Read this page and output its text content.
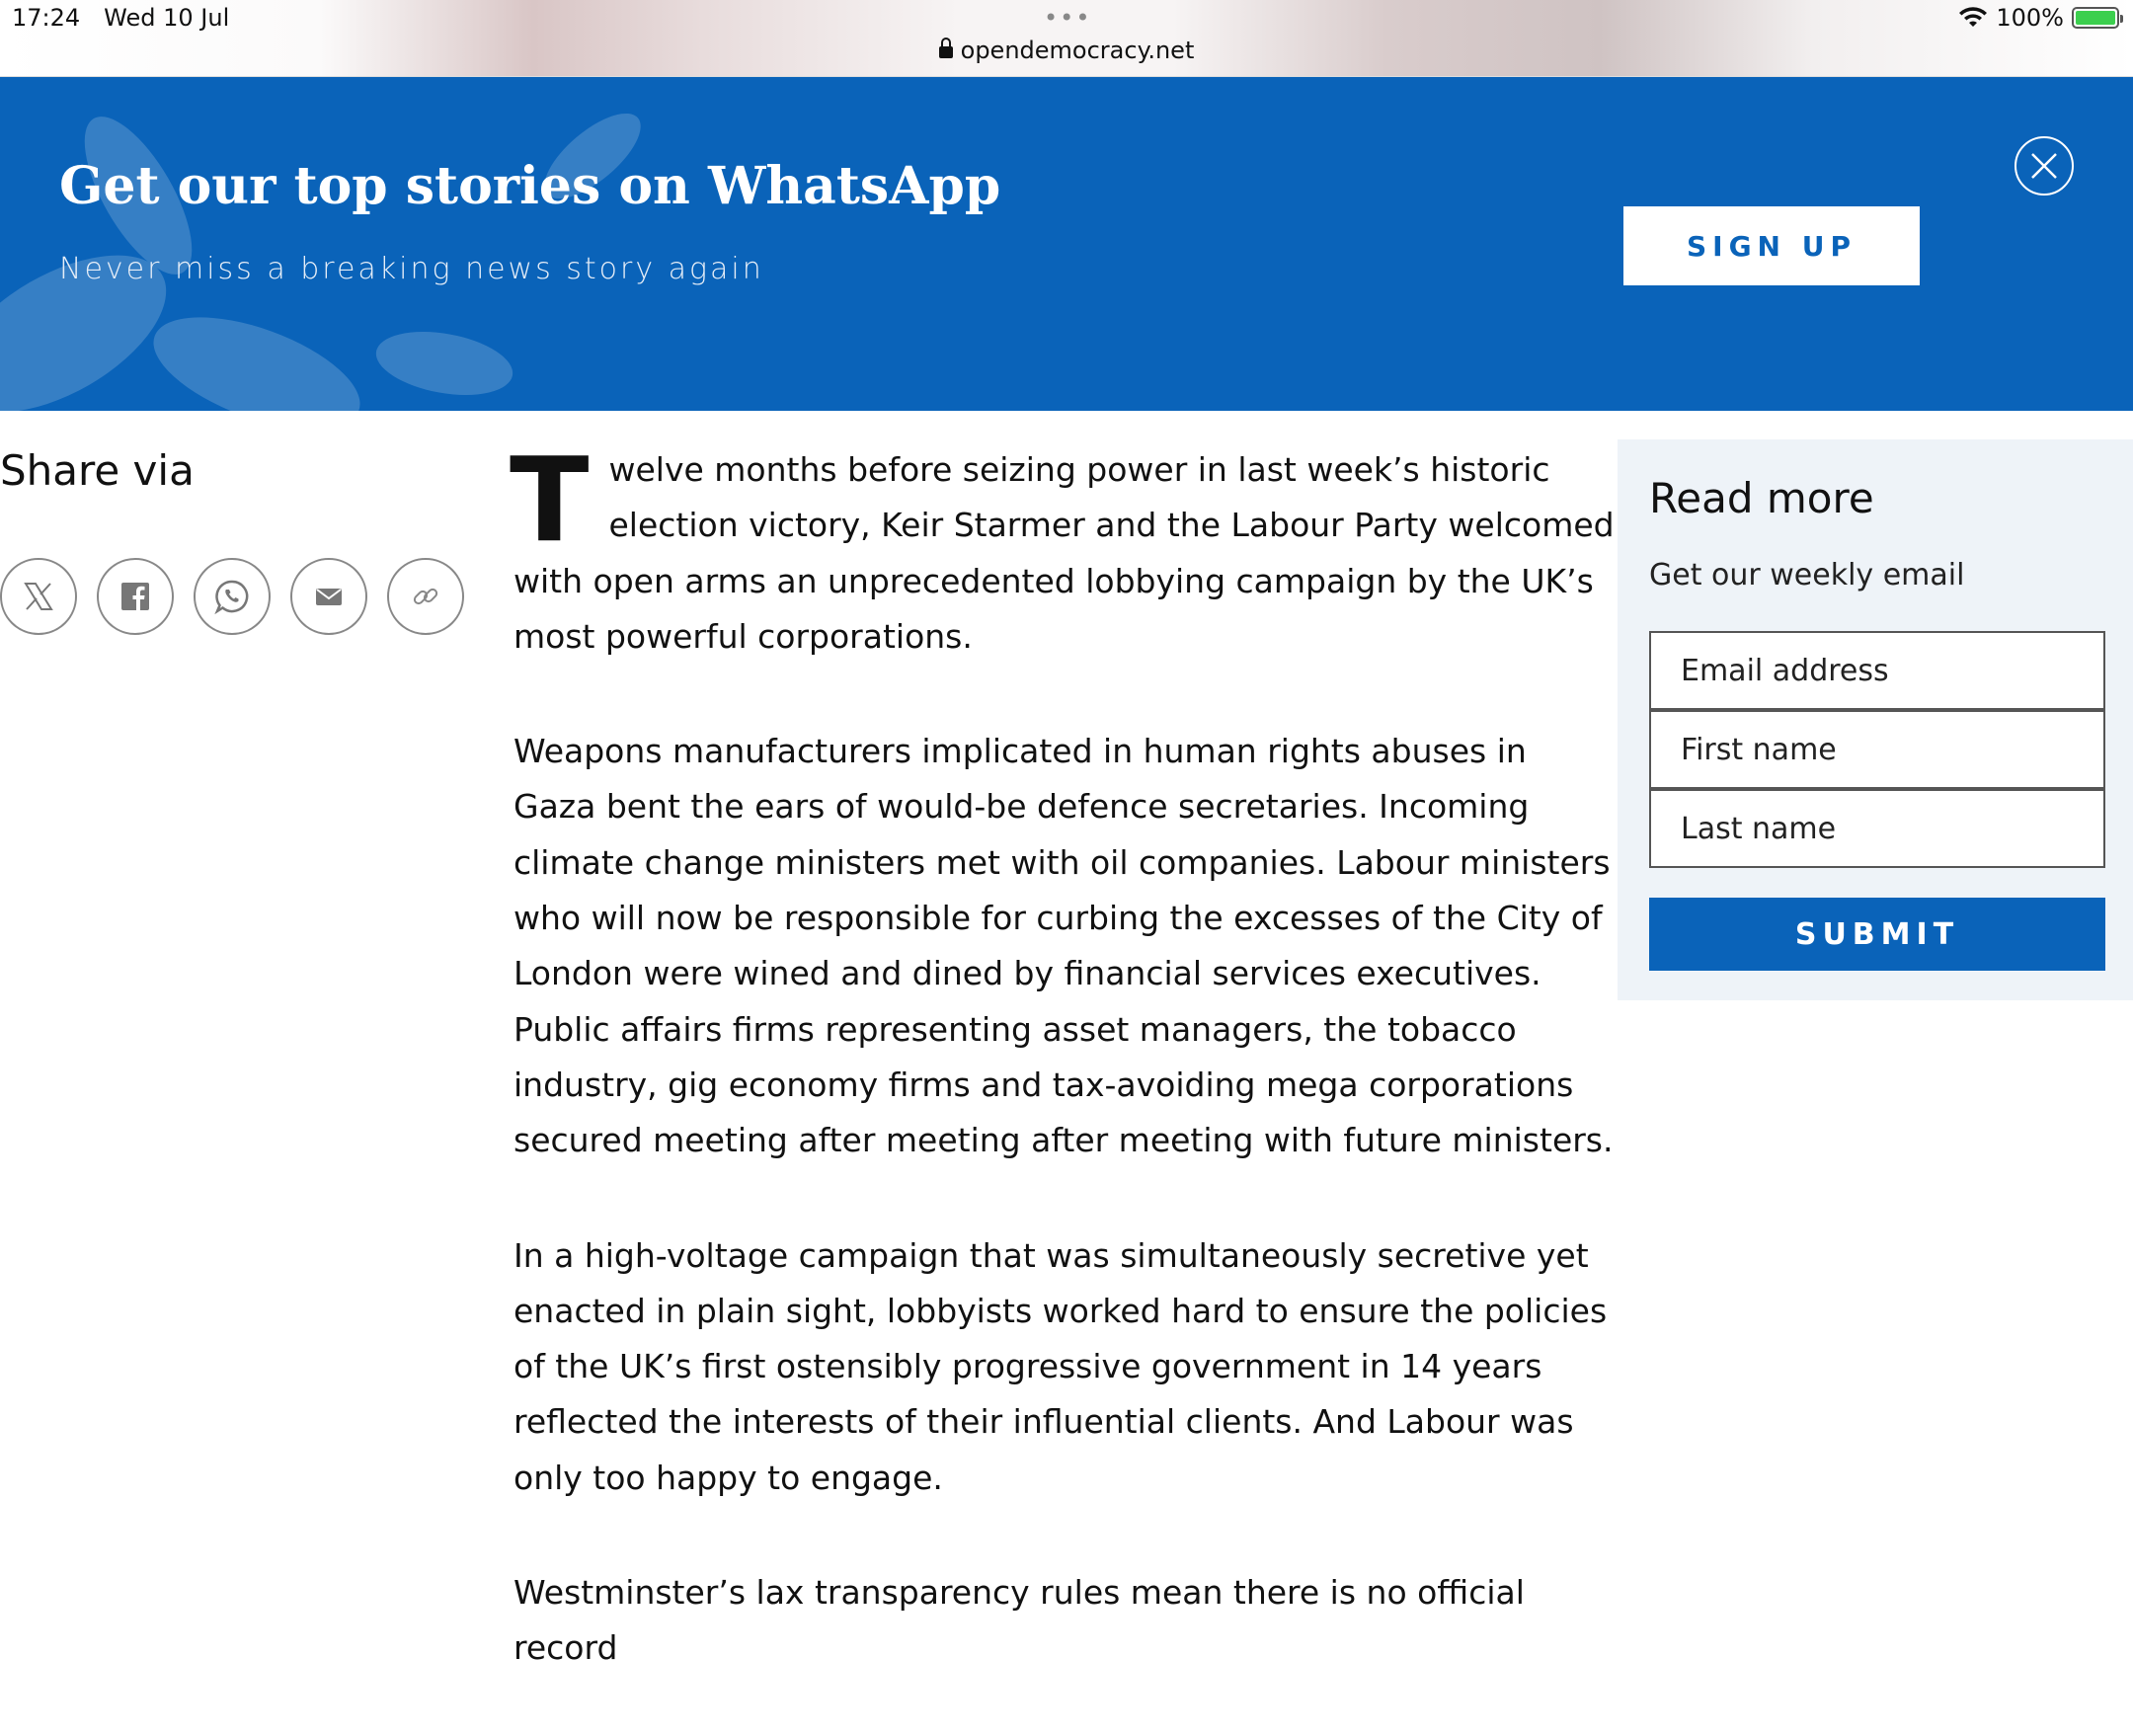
17:24 Wed 10 Jul	•••
opendemocracy.net
100%
Get our top stories on WhatsApp
Never miss a breaking news story again
SIGN UP
Share via	Twelve months before seizing power in last week’s historic election victory, Keir Starmer and the Labour Party welcomed with open arms an unprecedented lobbying campaign by the UK’s most powerful corporations.

Weapons manufacturers implicated in human rights abuses in Gaza bent the ears of would-be defence secretaries. Incoming climate change ministers met with oil companies. Labour ministers who will now be responsible for curbing the excesses of the City of London were wined and dined by financial services executives. Public affairs firms representing asset managers, the tobacco industry, gig economy firms and tax-avoiding mega corporations secured meeting after meeting after meeting with future ministers.

In a high-voltage campaign that was simultaneously secretive yet enacted in plain sight, lobbyists worked hard to ensure the policies of the UK’s first ostensibly progressive government in 14 years reflected the interests of their influential clients. And Labour was only too happy to engage.

Westminster’s lax transparency rules mean there is no official record

Read more
Get our weekly email
Email address
First name
Last name
SUBMIT
